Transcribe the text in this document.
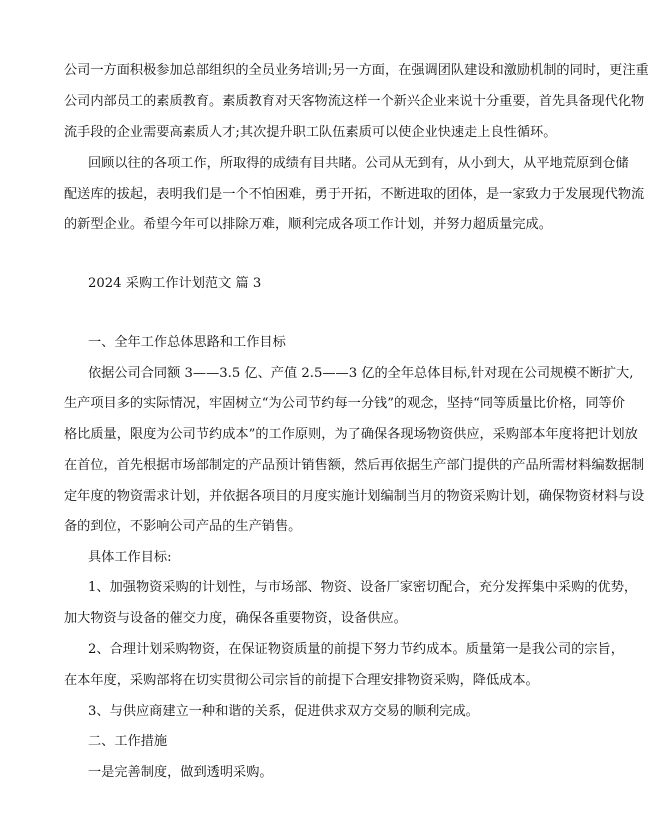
公司一方面积极参加总部组织的全员业务培训;另一方面，在强调团队建设和激励机制的同时，更注重
公司内部员工的素质教育。素质教育对天客物流这样一个新兴企业来说十分重要，首先具备现代化物
流手段的企业需要高素质人才;其次提升职工队伍素质可以使企业快速走上良性循环。
回顾以往的各项工作，所取得的成绩有目共睹。公司从无到有，从小到大，从平地荒原到仓储
配送库的拔起，表明我们是一个不怕困难，勇于开拓，不断进取的团体，是一家致力于发展现代物流
的新型企业。希望今年可以排除万难，顺利完成各项工作计划，并努力超质量完成。
2024 采购工作计划范文 篇 3
一、全年工作总体思路和工作目标
依据公司合同额 3——3.5 亿、产值 2.5——3 亿的全年总体目标,针对现在公司规模不断扩大,
生产项目多的实际情况，牢固树立“为公司节约每一分钱”的观念，坚持“同等质量比价格，同等价
格比质量，限度为公司节约成本”的工作原则，为了确保各现场物资供应，采购部本年度将把计划放
在首位，首先根据市场部制定的产品预计销售额，然后再依据生产部门提供的产品所需材料编数据制
定年度的物资需求计划，并依据各项目的月度实施计划编制当月的物资采购计划，确保物资材料与设
备的到位，不影响公司产品的生产销售。
具体工作目标:
1、加强物资采购的计划性，与市场部、物资、设备厂家密切配合，充分发挥集中采购的优势，
加大物资与设备的催交力度，确保各重要物资，设备供应。
2、合理计划采购物资，在保证物资质量的前提下努力节约成本。质量第一是我公司的宗旨，
在本年度，采购部将在切实贯彻公司宗旨的前提下合理安排物资采购，降低成本。
3、与供应商建立一种和谐的关系，促进供求双方交易的顺利完成。
二、工作措施
一是完善制度，做到透明采购。
